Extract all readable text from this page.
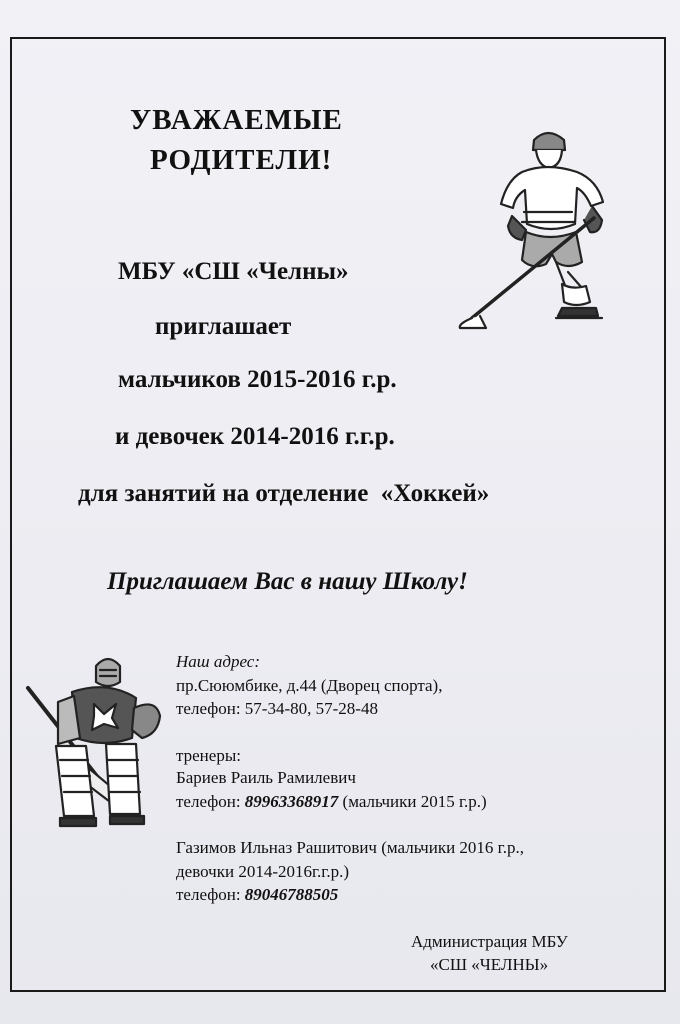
УВАЖАЕМЫЕ
РОДИТЕЛИ!
МБУ «СШ «Челны»
приглашает
мальчиков 2015-2016 г.р.
и девочек 2014-2016 г.г.р.
для занятий на отделение  «Хоккей»
Приглашаем Вас в нашу Школу!
Наш адрес:
пр.Сююмбике, д.44 (Дворец спорта),
телефон: 57-34-80, 57-28-48
тренеры:
Бариев Раиль Рамилевич
телефон: 89963368917 (мальчики 2015 г.р.)
Газимов Ильназ Рашитович (мальчики 2016 г.р.,
девочки 2014-2016г.г.р.)
телефон: 89046788505
Администрация МБУ
«СШ «ЧЕЛНЫ»
